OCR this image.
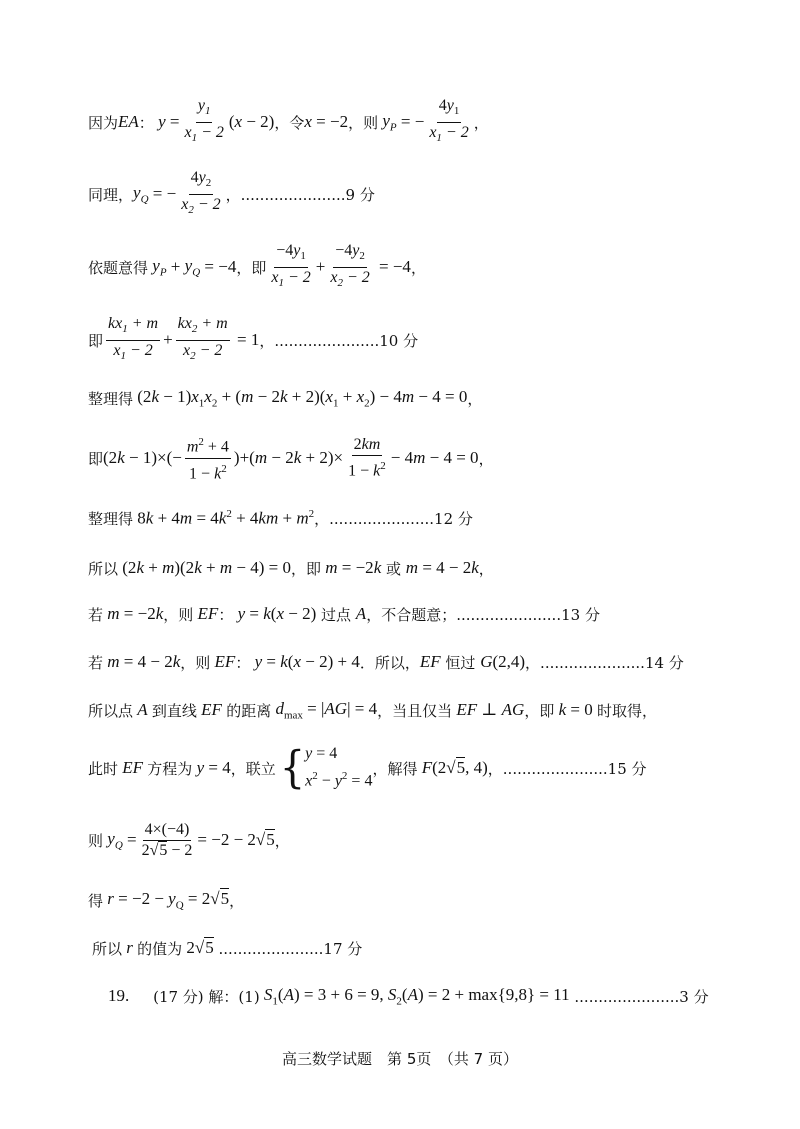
因为 EA ： $y = \frac{y_1}{x_1 - 2} (x - 2)$ ，令 x = −2 ，则 $y_P$ = − $\frac{4y_1}{x_1 - 2}$ ，
同理， $y_Q$ = − $\frac{4y_2}{x_2 - 2}$ ，......................9 分
依题意得 $y_P + y_Q = -4$ ，即 $\frac{-4y_1}{x_1 - 2} + \frac{-4y_2}{x_2 - 2} = -4$ ，
即 $\frac{kx_1 + m}{x_1 - 2} + \frac{kx_2 + m}{x_2 - 2} = 1$ ，......................10 分
整理得 $(2k - 1)x_1x_2 + (m - 2k + 2)(x_1 + x_2) - 4m - 4 = 0$ ，
即 $(2k - 1)\times(- \frac{m^2 + 4}{1 - k^2} )+(m - 2k + 2)\times \frac{2km}{1 - k^2} - 4m - 4 = 0$ ，
整理得 $8k + 4m = 4k^2 + 4km + m^2$ ，......................12 分
所以 (2k + m)(2k + m − 4) = 0 ，即 m = −2k 或 m = 4 − 2k ，
若 m = −2k ，则 EF ： y = k(x − 2) 过点 A ，不合题意；......................13 分
若 m = 4 − 2k ，则 EF ： y = k(x − 2) + 4 ．所以， EF 恒过 G(2,4) ，......................14 分
所以点 A 到直线 EF 的距离 $d_{max} = |AG| = 4$ ，当且仅当 EF ⊥ AG ，即 k = 0 时取得，
此时 EF 方程为 y = 4 ，联立 { y = 4
$x^2 - y^2 = 4$
，解得 F(2√5, 4) ，......................15 分
则 $y_Q = \frac{4\times(-4)}{2√5 - 2} = -2 - 2√5$ ，
得 $r = -2 - y_Q = 2√5$ ，
所以 r 的值为 2√5 ......................17 分
19. (17 分) 解：(1) $S_1(A) = 3 + 6 = 9$, $S_2(A) = 2 + \max\{9,8\} = 11$ ......................3 分
高三数学试题　第 5页　（共 7 页）
